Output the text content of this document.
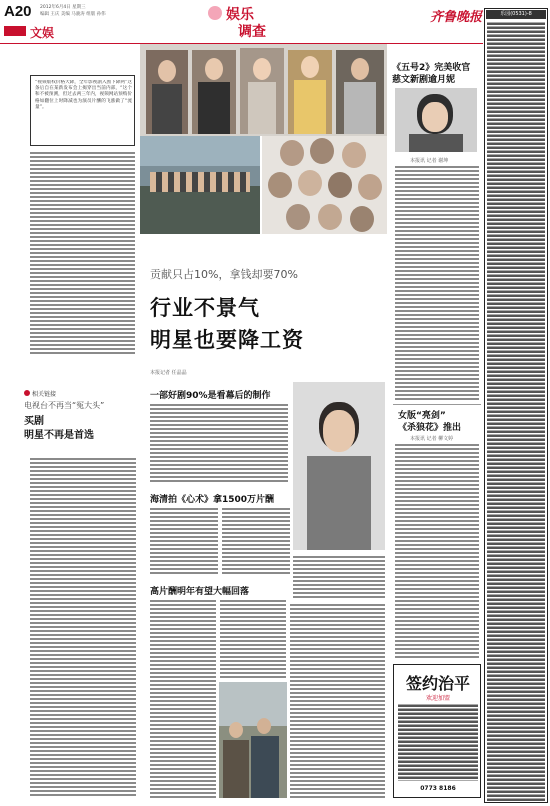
A20 2012年6月4日 星期三
编辑 王庆 美编 马骏涛 组版 孙伟
文娱
娱乐
调查
齐鲁晚报	乐园(0531)-8
“视频版权价格大降，全年影视剧入围下降两”这条后自在某新发布会上揭穿出当前内部，“这个和不被预测，但过去两三年内，视频网站预购价格如翻位上时降减也为演员片酬的飞涨做了“流量”。
相关链接
电视台不再当“冤大头”
买剧
明星不再是首选
贡献只占10%，拿钱却要70%
行业不景气
明星也要降工资
本报记者 任晶晶
一部好剧90%是看幕后的制作
海清拍《心术》拿1500万片酬
高片酬明年有望大幅回落
《五号2》完美收官
慈文新剧逾月妮
本报讯 记者 谢坤
女版“亮剑”
《杀狼花》推出
本报讯 记者 柳文婷
签约治平
欢迎加盟
0773 8186
